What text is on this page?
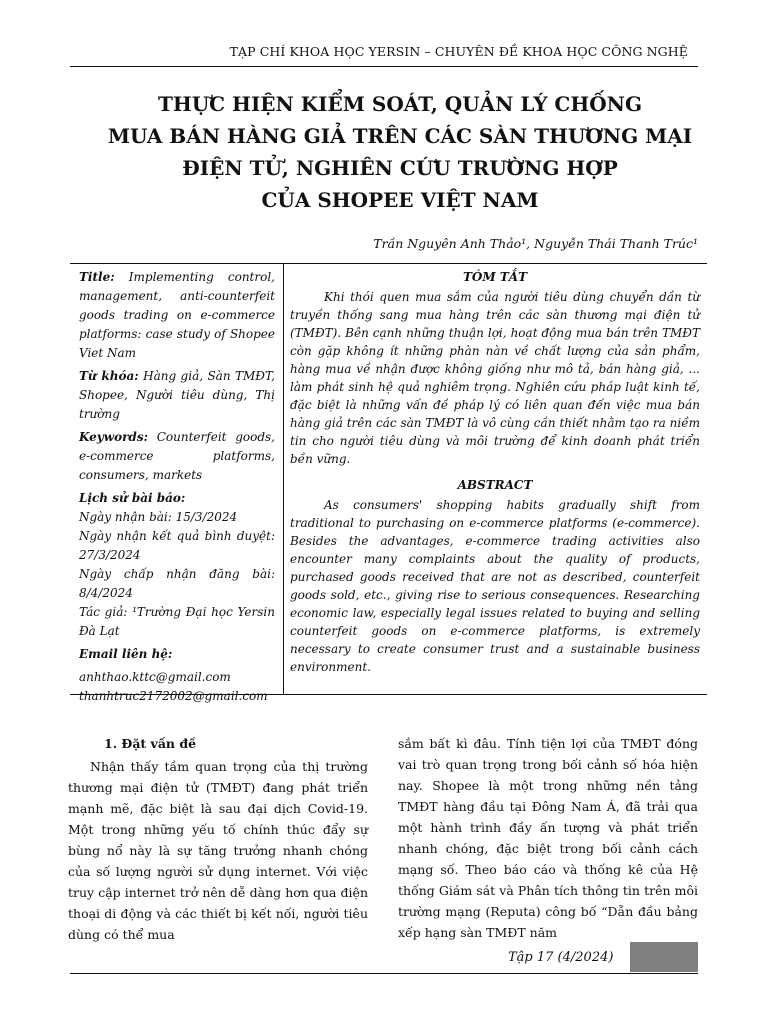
TẠP CHÍ KHOA HỌC YERSIN – CHUYÊN ĐỀ KHOA HỌC CÔNG NGHỆ
THỰC HIỆN KIỂM SOÁT, QUẢN LÝ CHỐNG
MUA BÁN HÀNG GIẢ TRÊN CÁC SÀN THƯƠNG MẠI
ĐIỆN TỬ, NGHIÊN CỨU TRƯỜNG HỢP
CỦA SHOPEE VIỆT NAM
Trần Nguyên Anh Thảo¹, Nguyễn Thái Thanh Trúc¹

Title: Implementing control, management, anti-counterfeit goods trading on e-commerce platforms: case study of Shopee Viet Nam

Từ khóa: Hàng giả, Sàn TMĐT, Shopee, Người tiêu dùng, Thị trường

Keywords: Counterfeit goods, e-commerce platforms, consumers, markets

Lịch sử bài báo:

Ngày nhận bài: 15/3/2024

Ngày nhận kết quả bình duyệt: 27/3/2024

Ngày chấp nhận đăng bài: 8/4/2024

Tác giả: ¹Trường Đại học Yersin Đà Lạt

Email liên hệ:

anhthao.kttc@gmail.com

thanhtruc2172002@gmail.com

TÓM TẮT

Khi thói quen mua sắm của người tiêu dùng chuyển dần từ truyền thống sang mua hàng trên các sàn thương mại điện tử (TMĐT). Bên cạnh những thuận lợi, hoạt động mua bán trên TMĐT còn gặp không ít những phàn nàn về chất lượng của sản phẩm, hàng mua về nhận được không giống như mô tả, bán hàng giả, ... làm phát sinh hệ quả nghiêm trọng. Nghiên cứu pháp luật kinh tế, đặc biệt là những vấn đề pháp lý có liên quan đến việc mua bán hàng giả trên các sàn TMĐT là vô cùng cần thiết nhằm tạo ra niềm tin cho người tiêu dùng và môi trường để kinh doanh phát triển bền vững.

ABSTRACT

As consumers' shopping habits gradually shift from traditional to purchasing on e-commerce platforms (e-commerce). Besides the advantages, e-commerce trading activities also encounter many complaints about the quality of products, purchased goods received that are not as described, counterfeit goods sold, etc., giving rise to serious consequences. Researching economic law, especially legal issues related to buying and selling counterfeit goods on e-commerce platforms, is extremely necessary to create consumer trust and a sustainable business environment.

1. Đặt vấn đề

Nhận thấy tầm quan trọng của thị trường thương mại điện tử (TMĐT) đang phát triển mạnh mẽ, đặc biệt là sau đại dịch Covid-19. Một trong những yếu tố chính thúc đẩy sự bùng nổ này là sự tăng trưởng nhanh chóng của số lượng người sử dụng internet. Với việc truy cập internet trở nên dễ dàng hơn qua điện thoại di động và các thiết bị kết nối, người tiêu dùng có thể mua

sắm bất kì đâu. Tính tiện lợi của TMĐT đóng vai trò quan trọng trong bối cảnh số hóa hiện nay. Shopee là một trong những nền tảng TMĐT hàng đầu tại Đông Nam Á, đã trải qua một hành trình đầy ấn tượng và phát triển nhanh chóng, đặc biệt trong bối cảnh cách mạng số. Theo báo cáo và thống kê của Hệ thống Giám sát và Phân tích thông tin trên môi trường mạng (Reputa) công bố “Dẫn đầu bảng xếp hạng sàn TMĐT năm

Tập 17 (4/2024)
